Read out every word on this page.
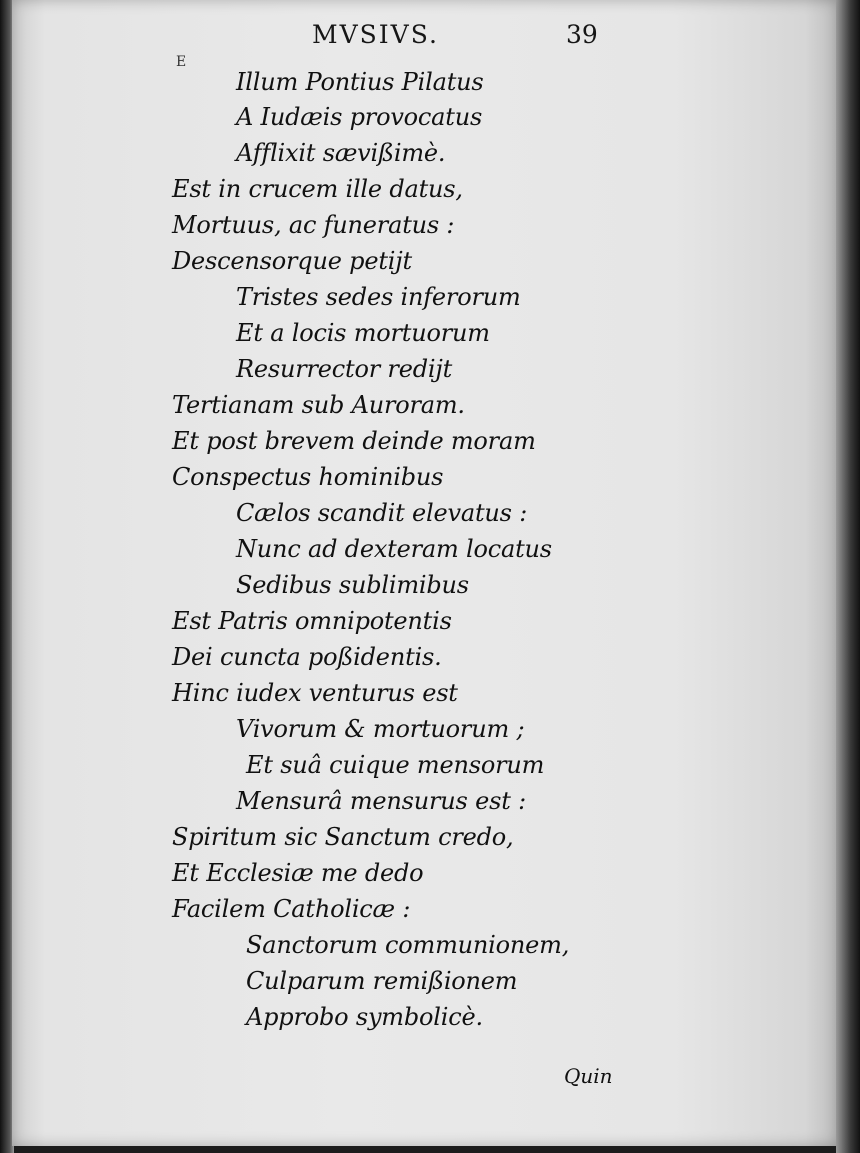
MVSIVS.	39
E
Illum Pontius Pilatus
A Iudæis provocatus
Afflixit sævißimè.
Est in crucem ille datus,
Mortuus, ac funeratus :
Descensorque petijt
Tristes sedes inferorum
Et a locis mortuorum
Resurrector redijt
Tertianam sub Auroram.
Et post brevem deinde moram
Conspectus hominibus
Cælos scandit elevatus :
Nunc ad dexteram locatus
Sedibus sublimibus
Est Patris omnipotentis
Dei cuncta poßidentis.
Hinc iudex venturus est
Vivorum & mortuorum ;
Et suâ cuique mensorum
Mensurâ mensurus est :
Spiritum sic Sanctum credo,
Et Ecclesiæ me dedo
Facilem Catholicæ :
Sanctorum communionem,
Culparum remißionem
Approbo symbolicè.
Quin
